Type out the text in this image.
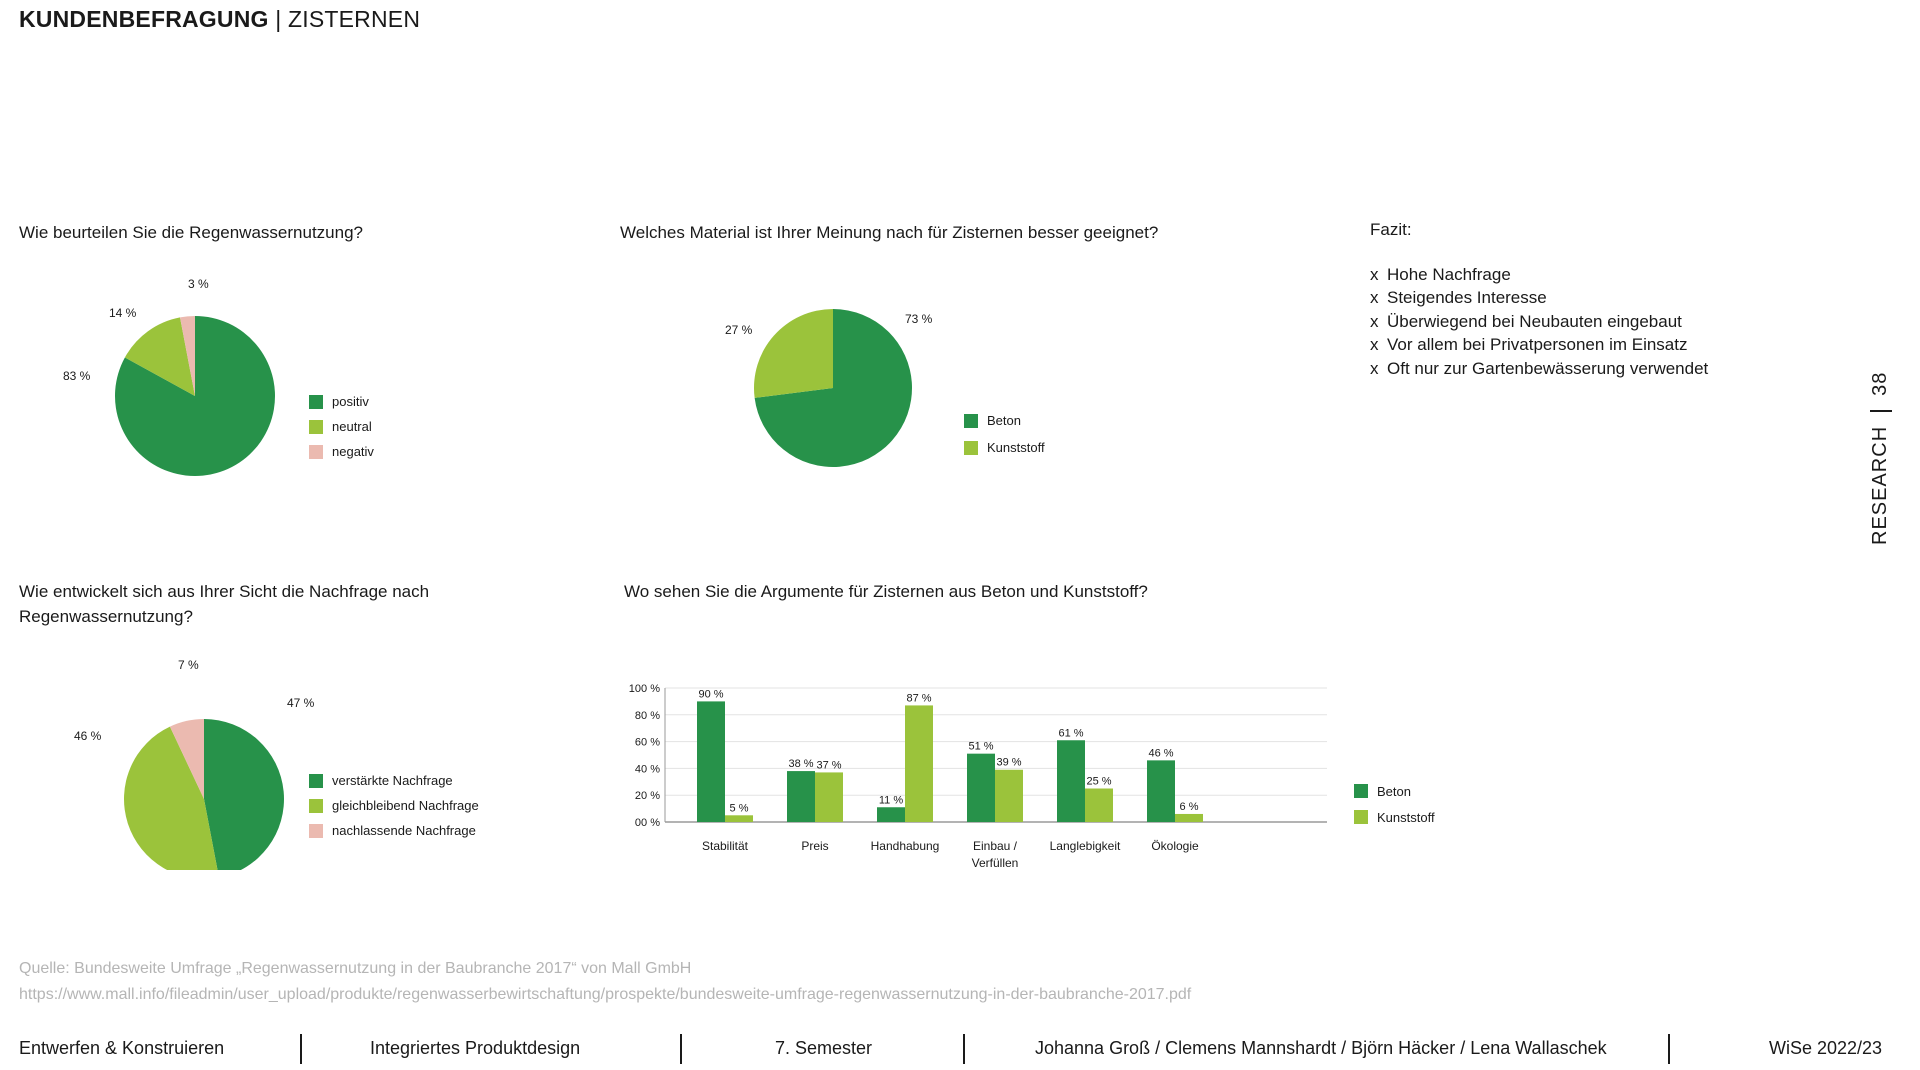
KUNDENBEFRAGUNG | ZISTERNEN
Wie beurteilen Sie die Regenwassernutzung?	Welches Material ist Ihrer Meinung nach für Zisternen besser geeignet?
Wie entwickelt sich aus Ihrer Sicht die Nachfrage nach Regenwassernutzung?
Wo sehen Sie die Argumente für Zisternen aus Beton und Kunststoff?
3 %
14 %
83 %
positiv
neutral
negativ
73 %
27 %
Beton
Kunststoff
7 %
47 %
46 %
verstärkte Nachfrage
gleichbleibend Nachfrage
nachlassende Nachfrage	00 %
20 %
40 %
60 %
80 %
100 %	90 %
5 %
38 % 37 %
11 %
87 %
51 %
39 %
61 %
25 %
46 %
6 %
Stabilität	Preis	Handhabung	Einbau / Verfüllen
Langlebigkeit	Ökologie
Beton
Kunststoff
Fazit:
x Hohe Nachfrage
x Steigendes Interesse
x Überwiegend bei Neubauten eingebaut
x Vor allem bei Privatpersonen im Einsatz
x Oft nur zur Gartenbewässerung verwendet
RESEARCH38
Quelle: Bundesweite Umfrage „Regenwassernutzung in der Baubranche 2017“ von Mall GmbH
https://www.mall.info/fileadmin/user_upload/produkte/regenwasserbewirtschaftung/prospekte/bundesweite-umfrage-regenwassernutzung-in-der-baubranche-2017.pdf
Entwerfen & Konstruieren	Integriertes Produktdesign	7. Semester	Johanna Groß / Clemens Mannshardt / Björn Häcker / Lena Wallaschek	WiSe 2022/23
